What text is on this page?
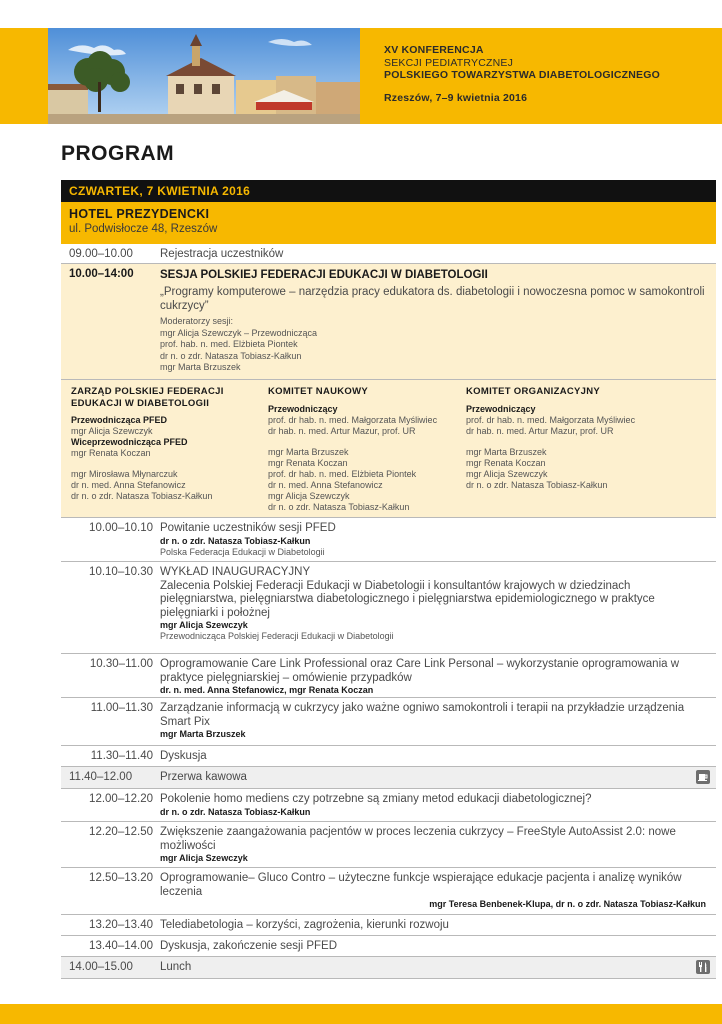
XV KONFERENCJA
SEKCJI PEDIATRYCZNEJ
POLSKIEGO TOWARZYSTWA DIABETOLOGICZNEGO
Rzeszów, 7–9 kwietnia 2016
PROGRAM
CZWARTEK, 7 KWIETNIA 2016
HOTEL PREZYDENCKI
ul. Podwisłocze 48, Rzeszów
09.00–10.00 Rejestracja uczestników
10.00–14:00 SESJA POLSKIEJ FEDERACJI EDUKACJI W DIABETOLOGII
„Programy komputerowe – narzędzia pracy edukatora ds. diabetologii i nowoczesna pomoc w samokontroli cukrzycy”
Moderatorzy sesji:
mgr Alicja Szewczyk – Przewodnicząca
prof. hab. n. med. Elżbieta Piontek
dr n. o zdr. Natasza Tobiasz-Kałkun
mgr Marta Brzuszek
ZARZĄD POLSKIEJ FEDERACJI EDUKACJI W DIABETOLOGII
Przewodnicząca PFED
mgr Alicja Szewczyk
Wiceprzewodnicząca PFED
mgr Renata Koczan
mgr Mirosława Młynarczuk
dr n. med. Anna Stefanowicz
dr n. o zdr. Natasza Tobiasz-Kałkun
KOMITET NAUKOWY
Przewodniczący
prof. dr hab. n. med. Małgorzata Myśliwiec
dr hab. n. med. Artur Mazur, prof. UR
mgr Marta Brzuszek
mgr Renata Koczan
prof. dr hab. n. med. Elżbieta Piontek
dr n. med. Anna Stefanowicz
mgr Alicja Szewczyk
dr n. o zdr. Natasza Tobiasz-Kałkun
KOMITET ORGANIZACYJNY
Przewodniczący
prof. dr hab. n. med. Małgorzata Myśliwiec
dr hab. n. med. Artur Mazur, prof. UR
mgr Marta Brzuszek
mgr Renata Koczan
mgr Alicja Szewczyk
dr n. o zdr. Natasza Tobiasz-Kałkun
10.00–10.10 Powitanie uczestników sesji PFED
dr n. o zdr. Natasza Tobiasz-Kałkun
Polska Federacja Edukacji w Diabetologii
10.10–10.30 WYKŁAD INAUGURACYJNY
Zalecenia Polskiej Federacji Edukacji w Diabetologii i konsultantów krajowych w dziedzinach pielęgniarstwa, pielęgniarstwa diabetologicznego i pielęgniarstwa epidemiologicznego w praktyce pielęgniarki i położnej
mgr Alicja Szewczyk
Przewodnicząca Polskiej Federacji Edukacji w Diabetologii
10.30–11.00 Oprogramowanie Care Link Professional oraz Care Link Personal – wykorzystanie oprogramowania w praktyce pielęgniarskiej – omówienie przypadków
dr. n. med. Anna Stefanowicz, mgr Renata Koczan
11.00–11.30 Zarządzanie informacją w cukrzycy jako ważne ogniwo samokontroli i terapii na przykładzie urządzenia Smart Pix
mgr Marta Brzuszek
11.30–11.40 Dyskusja
11.40–12.00 Przerwa kawowa
12.00–12.20 Pokolenie homo mediens czy potrzebne są zmiany metod edukacji diabetologicznej?
dr n. o zdr. Natasza Tobiasz-Kałkun
12.20–12.50 Zwiększenie zaangażowania pacjentów w proces leczenia cukrzycy – FreeStyle AutoAssist 2.0: nowe możliwości
mgr Alicja Szewczyk
12.50–13.20 Oprogramowanie– Gluco Contro – użyteczne funkcje wspierające edukacje pacjenta i analizę wyników leczenia
mgr Teresa Benbenek-Klupa, dr n. o zdr. Natasza Tobiasz-Kałkun
13.20–13.40 Telediabetologia – korzyści, zagrożenia, kierunki rozwoju
13.40–14.00 Dyskusja, zakończenie sesji PFED
14.00–15.00 Lunch
